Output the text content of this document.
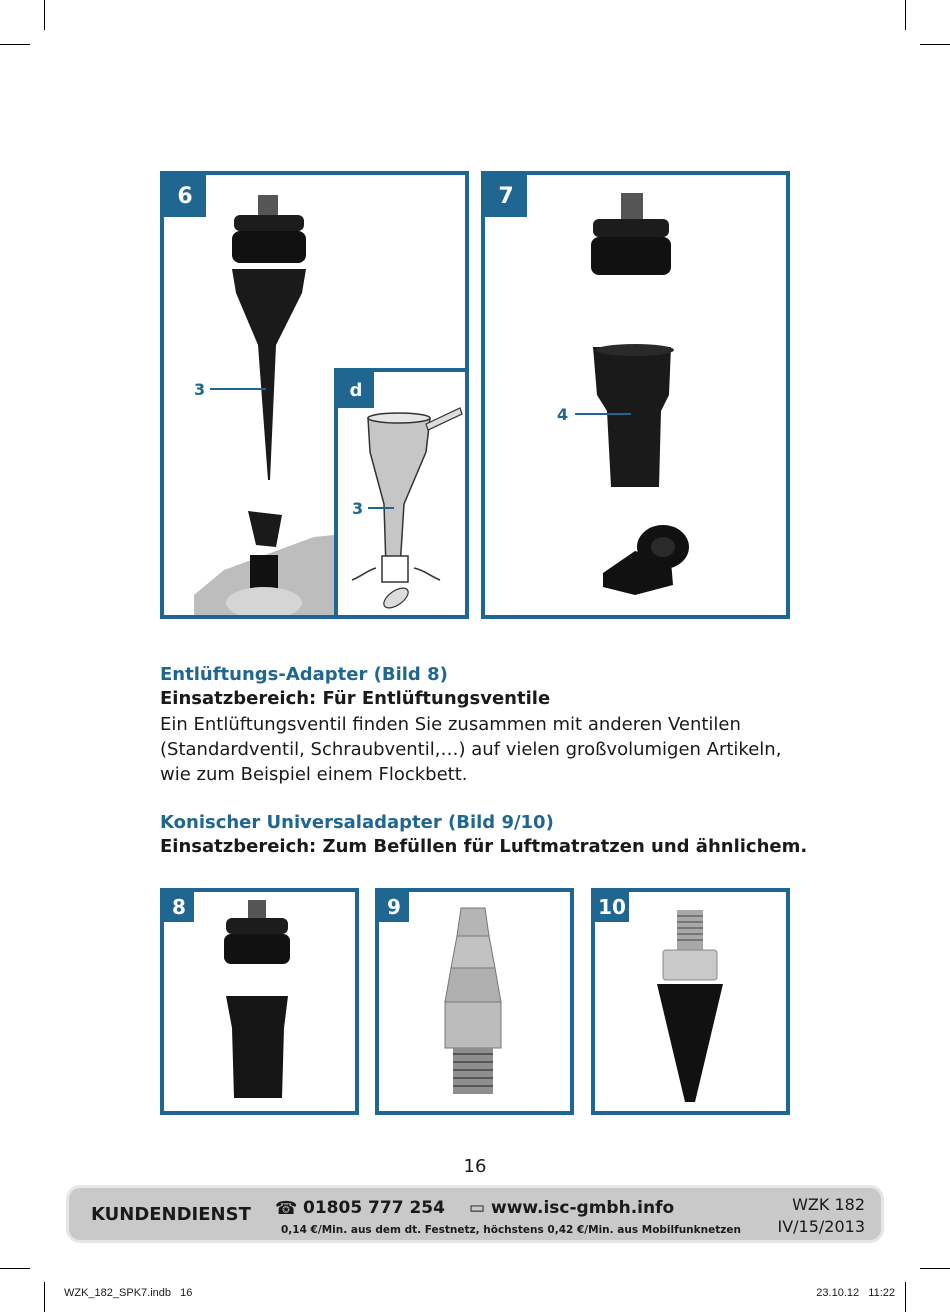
6
3	d
3
7
4
Entlüftungs-Adapter (Bild 8)
Einsatzbereich: Für Entlüftungsventile
Ein Entlüftungsventil finden Sie zusammen mit anderen Ventilen (Standardventil, Schraubventil,…) auf vielen großvolumigen Artikeln, wie zum Beispiel einem Flockbett.
Konischer Universaladapter (Bild 9/10)
Einsatzbereich: Zum Befüllen für Luftmatratzen und ähnlichem.
8	9	10
16
KUNDENDIENST ☎ 01805 777 254 ▭ www.isc-gmbh.info
0,14 €/Min. aus dem dt. Festnetz, höchstens 0,42 €/Min. aus Mobilfunknetzen
WZK 182
IV/15/2013
WZK_182_SPK7.indb   16	23.10.12   11:22
